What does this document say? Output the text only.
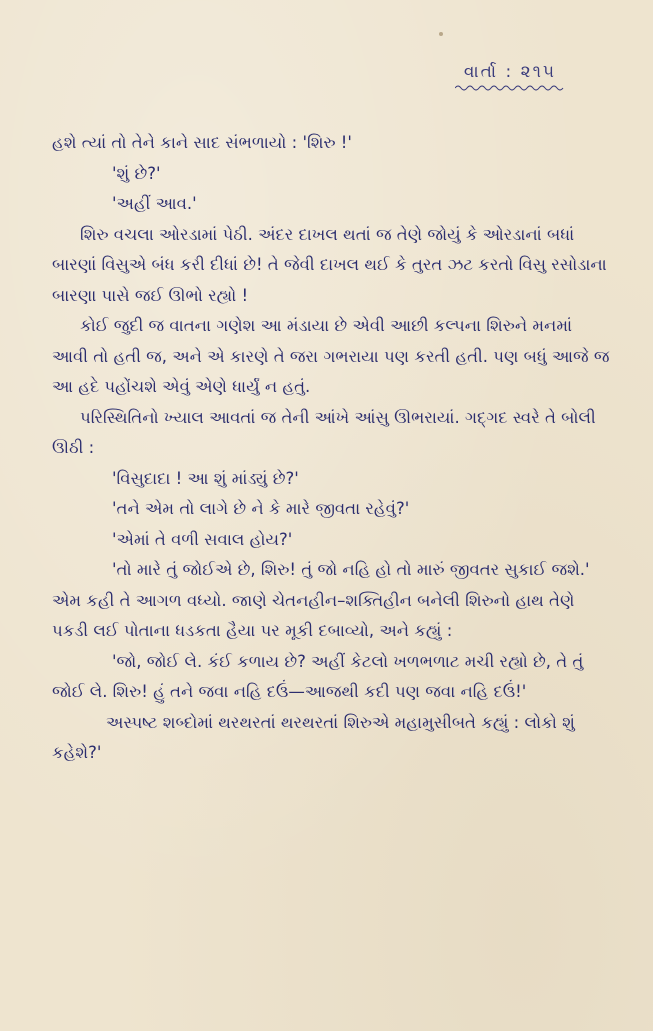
વાર્તા : ૨૧૫

હશે ત્યાં તો તેને કાને સાદ સંભળાયો : 'શિરુ !'

'શું છે?'

'અહીં આવ.'

શિરુ વચલા ઓરડામાં પેઠી. અંદર દાખલ થતાં જ તેણે જોયું કે ઓરડાનાં બધાં બારણાં વિસુએ બંધ કરી દીધાં છે! તે જેવી દાખલ થઈ કે તુરત ઝટ કરતો વિસુ રસોડાના બારણા પાસે જઈ ઊભો રહ્યો !

કોઈ જુદી જ વાતના ગણેશ આ મંડાયા છે એવી આછી કલ્પના શિરુને મનમાં આવી તો હતી જ, અને એ કારણે તે જરા ગભરાયા પણ કરતી હતી. પણ બધું આજે જ આ હદે પહોંચશે એવું એણે ધાર્યું ન હતું.

પરિસ્થિતિનો ખ્યાલ આવતાં જ તેની આંખે આંસુ ઊભરાયાં. ગદ્ગદ સ્વરે તે બોલી ઊઠી :

'વિસુદાદા ! આ શું માંડ્યું છે?'

'તને એમ તો લાગે છે ને કે મારે જીવતા રહેવું?'

'એમાં તે વળી સવાલ હોય?'

'તો મારે તું જોઈએ છે, શિરુ! તું જો નહિ હો તો મારું જીવતર સુકાઈ જશે.' એમ કહી તે આગળ વધ્યો. જાણે ચેતનહીન–શક્તિહીન બનેલી શિરુનો હાથ તેણે પકડી લઈ પોતાના ધડકતા હૈયા પર મૂકી દબાવ્યો, અને કહ્યું :

'જો, જોઈ લે. કંઈ કળાય છે? અહીં કેટલો ખળભળાટ મચી રહ્યો છે, તે તું જોઈ લે. શિરુ! હું તને જવા નહિ દઉં—આજથી કદી પણ જવા નહિ દઉં!'

અસ્પષ્ટ શબ્દોમાં થરથરતાં થરથરતાં શિરુએ મહામુસીબતે કહ્યું : લોકો શું કહેશે?'
